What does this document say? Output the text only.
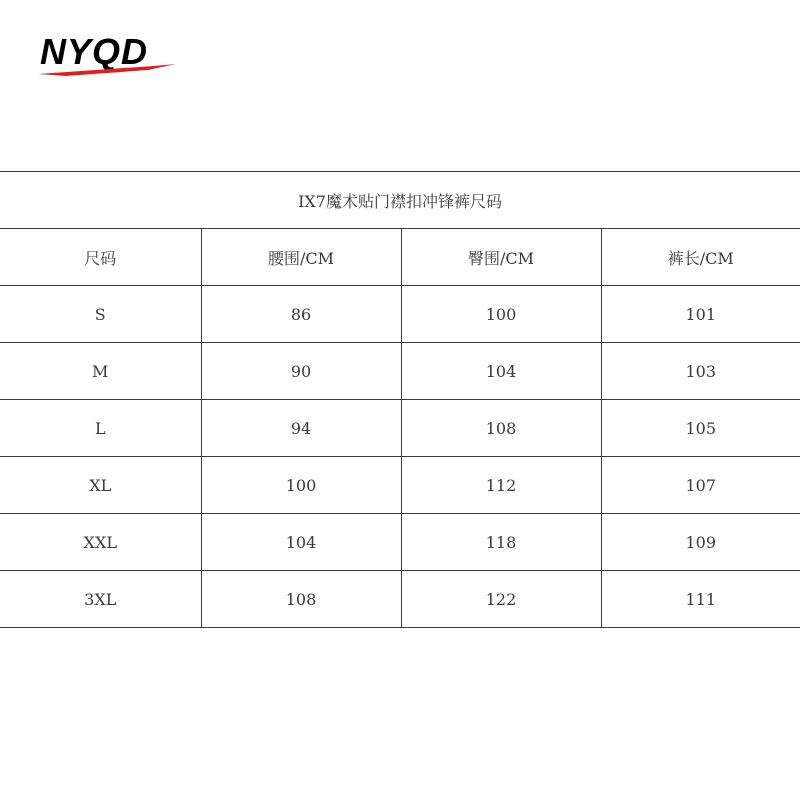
NYQD
IX7魔术贴门襟扣冲锋裤尺码			
尺码	腰围/CM	臀围/CM	裤长/CM
S	86	100	101
M	90	104	103
L	94	108	105
XL	100	112	107
XXL	104	118	109
3XL	108	122	111
